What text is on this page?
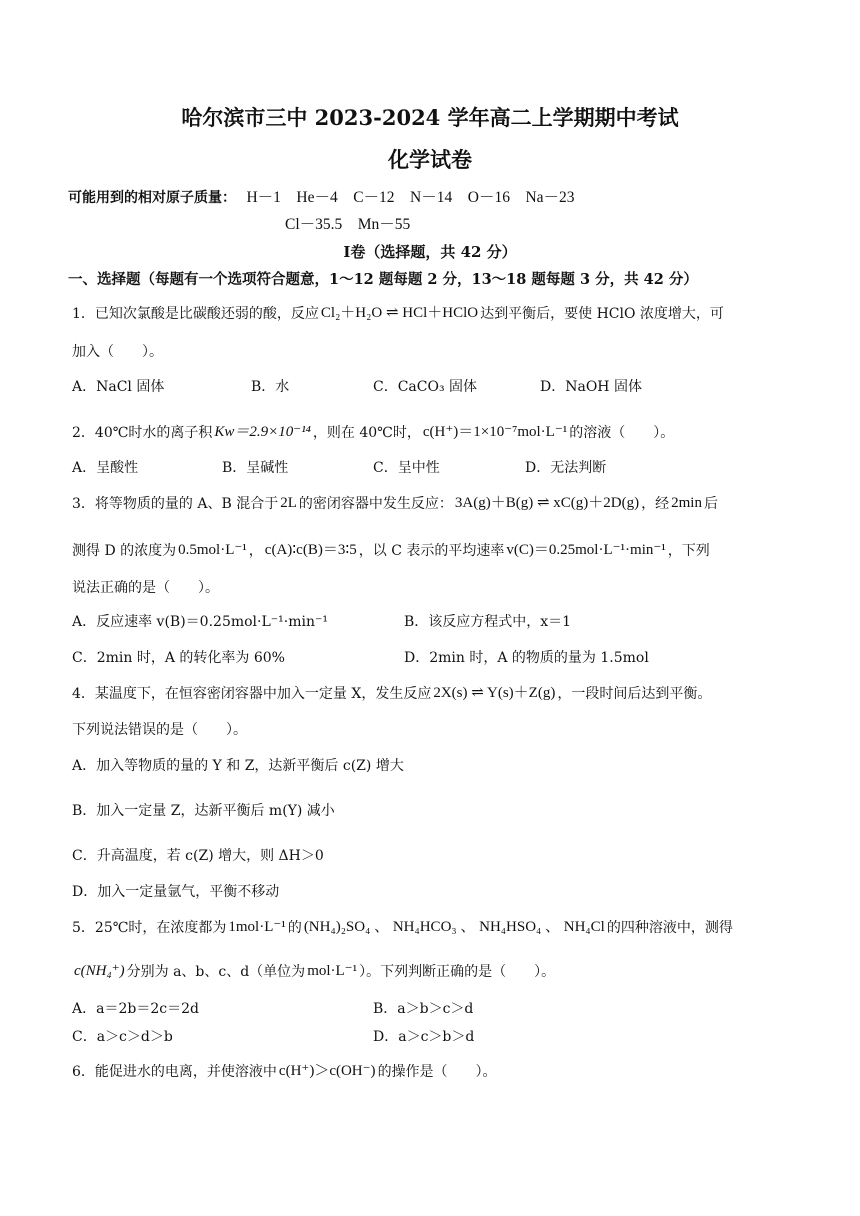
哈尔滨市三中 2023-2024 学年高二上学期期中考试
化学试卷
可能用到的相对原子质量： H－1　He－4　C－12　N－14　O－16　Na－23
Cl－35.5　Mn－55
Ⅰ卷（选择题，共 42 分）
一、选择题（每题有一个选项符合题意，1～12 题每题 2 分，13～18 题每题 3 分，共 42 分）
1．已知次氯酸是比碳酸还弱的酸，反应 Cl₂＋H₂O ⇌ HCl＋HClO 达到平衡后，要使 HClO 浓度增大，可
加入（　　）。
A．NaCl 固体	B．水	C．CaCO₃ 固体	D．NaOH 固体
2．40℃时水的离子积 Kw＝2.9×10⁻¹⁴ ，则在 40℃时， c(H⁺)＝1×10⁻⁷mol·L⁻¹ 的溶液（　　）。
A．呈酸性	B．呈碱性	C．呈中性	D．无法判断
3．将等物质的量的 A、B 混合于 2L 的密闭容器中发生反应： 3A(g)＋B(g) ⇌ xC(g)＋2D(g) ，经 2min 后
测得 D 的浓度为 0.5mol·L⁻¹ ， c(A)∶c(B)＝3∶5 ，以 C 表示的平均速率 v(C)＝0.25mol·L⁻¹·min⁻¹ ，下列
说法正确的是（　　）。
A．反应速率 v(B)＝0.25mol·L⁻¹·min⁻¹	B．该反应方程式中，x＝1
C．2min 时，A 的转化率为 60%	D．2min 时，A 的物质的量为 1.5mol
4．某温度下，在恒容密闭容器中加入一定量 X，发生反应 2X(s) ⇌ Y(s)＋Z(g) ，一段时间后达到平衡。
下列说法错误的是（　　）。
A．加入等物质的量的 Y 和 Z，达新平衡后 c(Z) 增大
B．加入一定量 Z，达新平衡后 m(Y) 减小
C．升高温度，若 c(Z) 增大，则 ΔH＞0
D．加入一定量氩气，平衡不移动
5．25℃时，在浓度都为 1mol·L⁻¹ 的 (NH₄)₂SO₄ 、 NH₄HCO₃ 、 NH₄HSO₄ 、 NH₄Cl 的四种溶液中，测得
c(NH₄⁺) 分别为 a、b、c、d（单位为 mol·L⁻¹ ）。下列判断正确的是（　　）。
A．a＝2b＝2c＝2d	B．a＞b＞c＞d
C．a＞c＞d＞b	D．a＞c＞b＞d
6．能促进水的电离，并使溶液中 c(H⁺)＞c(OH⁻) 的操作是（　　）。
